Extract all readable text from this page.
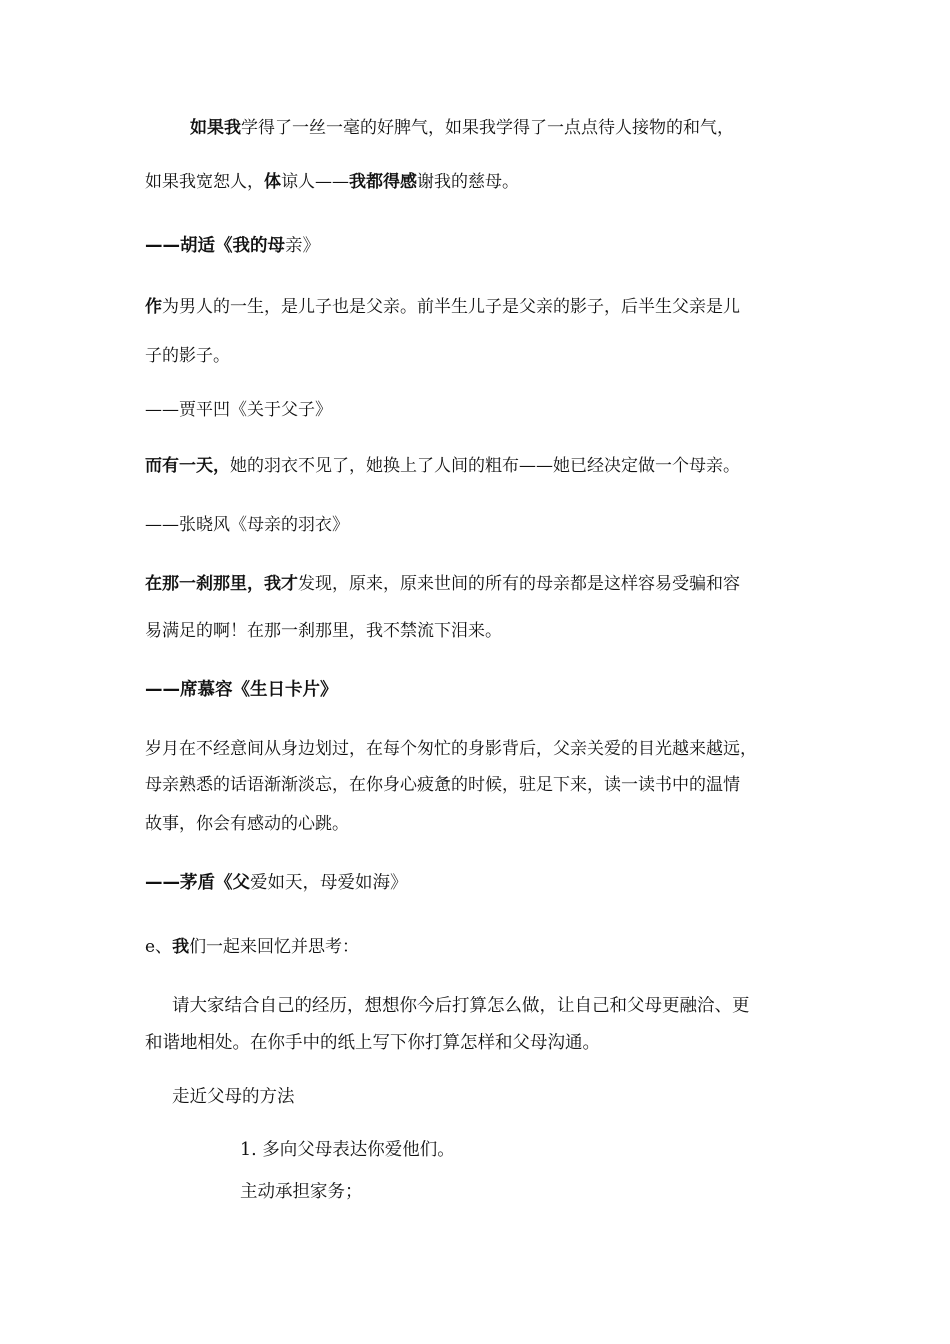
如果我学得了一丝一毫的好脾气，如果我学得了一点点待人接物的和气，
如果我宽恕人，体谅人——我都得感谢我的慈母。
——胡适《我的母亲》
作为男人的一生，是儿子也是父亲。前半生儿子是父亲的影子，后半生父亲是儿
子的影子。
——贾平凹《关于父子》
而有一天，她的羽衣不见了，她换上了人间的粗布——她已经决定做一个母亲。
——张晓风《母亲的羽衣》
在那一刹那里，我才发现，原来，原来世间的所有的母亲都是这样容易受骗和容
易满足的啊！在那一刹那里，我不禁流下泪来。
——席慕容《生日卡片》
岁月在不经意间从身边划过，在每个匆忙的身影背后，父亲关爱的目光越来越远，
母亲熟悉的话语渐渐淡忘，在你身心疲惫的时候，驻足下来，读一读书中的温情
故事，你会有感动的心跳。
——茅盾《父爱如天，母爱如海》
e、我们一起来回忆并思考：
请大家结合自己的经历，想想你今后打算怎么做，让自己和父母更融洽、更
和谐地相处。在你手中的纸上写下你打算怎样和父母沟通。
走近父母的方法
1. 多向父母表达你爱他们。
主动承担家务；
